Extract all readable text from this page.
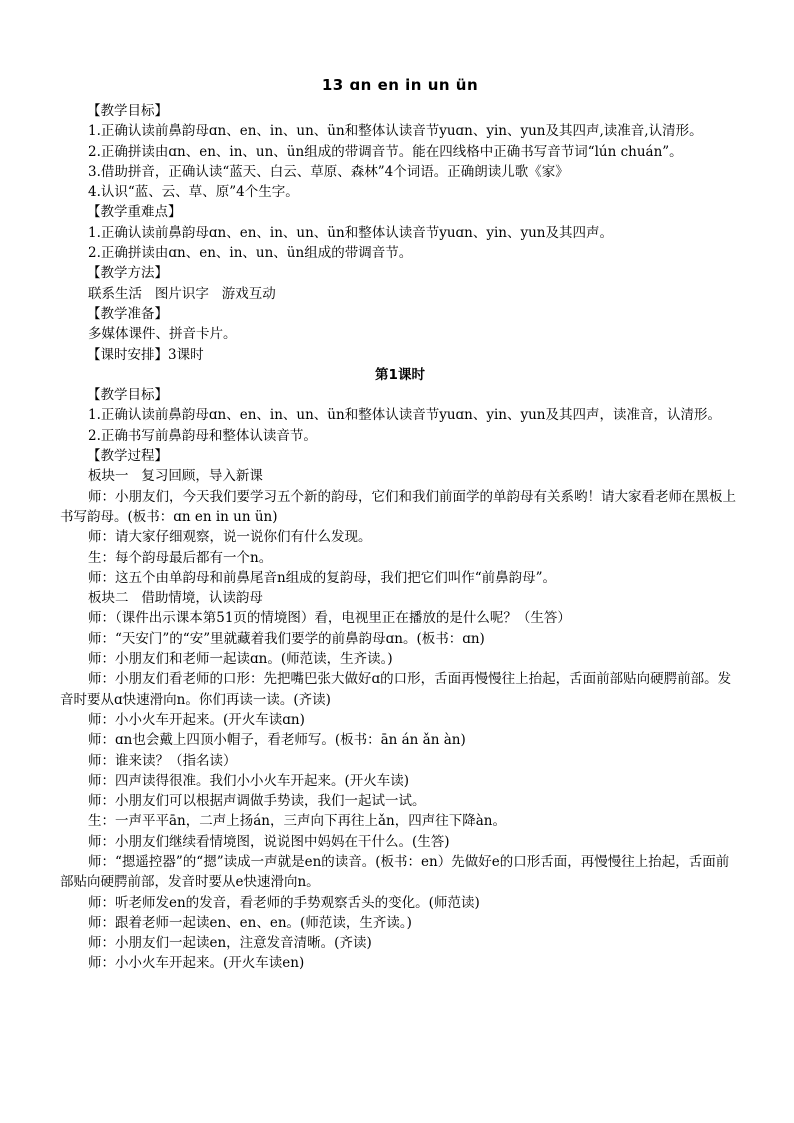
13 ɑn en in un ün
【教学目标】
1.正确认读前鼻韵母ɑn、en、in、un、ün和整体认读音节yuɑn、yin、yun及其四声,读准音,认清形。
2.正确拼读由ɑn、en、in、un、ün组成的带调音节。能在四线格中正确书写音节词“lún chuán”。
3.借助拼音，正确认读“蓝天、白云、草原、森林”4个词语。正确朗读儿歌《家》
4.认识“蓝、云、草、原”4个生字。
【教学重难点】
1.正确认读前鼻韵母ɑn、en、in、un、ün和整体认读音节yuɑn、yin、yun及其四声。
2.正确拼读由ɑn、en、in、un、ün组成的带调音节。
【教学方法】
联系生活   图片识字   游戏互动
【教学准备】
多媒体课件、拼音卡片。
【课时安排】3课时
第1课时
【教学目标】
1.正确认读前鼻韵母ɑn、en、in、un、ün和整体认读音节yuɑn、yin、yun及其四声，读准音，认清形。
2.正确书写前鼻韵母和整体认读音节。
【教学过程】
板块一   复习回顾，导入新课
师：小朋友们，今天我们要学习五个新的韵母，它们和我们前面学的单韵母有关系哟！请大家看老师在黑板上书写韵母。(板书：ɑn en in un ün)
师：请大家仔细观察，说一说你们有什么发现。
生：每个韵母最后都有一个n。
师：这五个由单韵母和前鼻尾音n组成的复韵母，我们把它们叫作“前鼻韵母”。
板块二   借助情境，认读韵母
师：（课件出示课本第51页的情境图）看，电视里正在播放的是什么呢？（生答）
师：“天安门”的“安”里就藏着我们要学的前鼻韵母ɑn。(板书：ɑn)
师：小朋友们和老师一起读ɑn。(师范读，生齐读。)
师：小朋友们看老师的口形：先把嘴巴张大做好ɑ的口形，舌面再慢慢往上抬起，舌面前部贴向硬腭前部。发音时要从ɑ快速滑向n。你们再读一读。(齐读)
师：小小火车开起来。(开火车读ɑn)
师：ɑn也会戴上四顶小帽子，看老师写。(板书：ān án ǎn àn)
师：谁来读？（指名读）
师：四声读得很准。我们小小火车开起来。(开火车读)
师：小朋友们可以根据声调做手势读，我们一起试一试。
生：一声平平ān，二声上扬án，三声向下再往上ǎn，四声往下降àn。
师：小朋友们继续看情境图，说说图中妈妈在干什么。(生答)
师：“摁遥控器”的“摁”读成一声就是en的读音。(板书：en）先做好e的口形舌面，再慢慢往上抬起，舌面前部贴向硬腭前部，发音时要从e快速滑向n。
师：听老师发en的发音，看老师的手势观察舌头的变化。(师范读)
师：跟着老师一起读en、en、en。(师范读，生齐读。)
师：小朋友们一起读en，注意发音清晰。(齐读)
师：小小火车开起来。(开火车读en)
